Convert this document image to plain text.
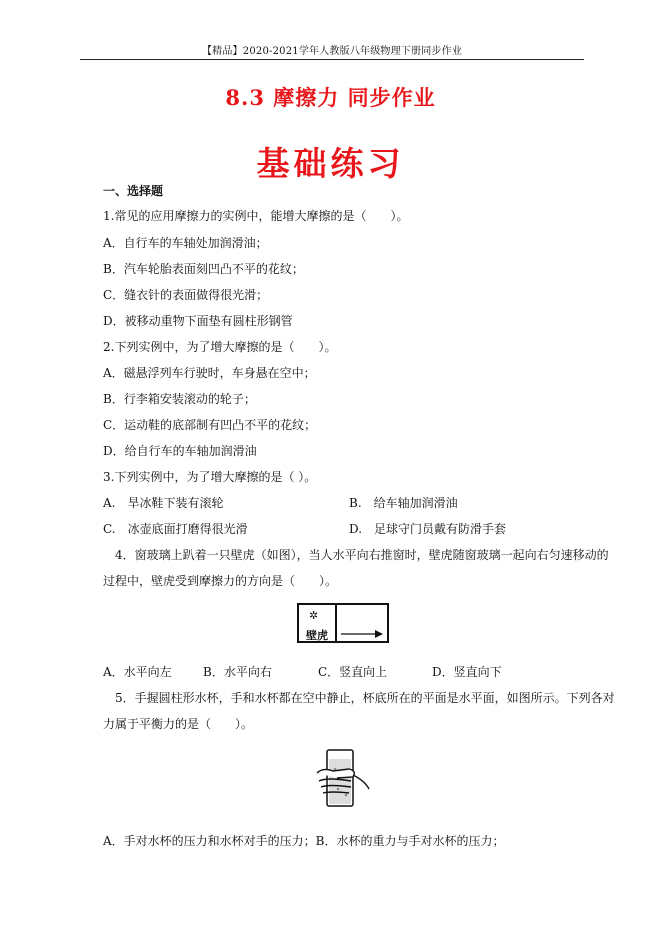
【精品】2020-2021学年人教版八年级物理下册同步作业
8.3 摩擦力 同步作业
基础练习
一、选择题
1.常见的应用摩擦力的实例中，能增大摩擦的是（　　）。
A．自行车的车轴处加润滑油；
B．汽车轮胎表面刻凹凸不平的花纹；
C．缝衣针的表面做得很光滑；
D．被移动重物下面垫有圆柱形钢管
2.下列实例中，为了增大摩擦的是（　　）。
A．磁悬浮列车行驶时，车身悬在空中；
B．行李箱安装滚动的轮子；
C．运动鞋的底部制有凹凸不平的花纹；
D．给自行车的车轴加润滑油
3.下列实例中，为了增大摩擦的是（ ）。
A.　旱冰鞋下装有滚轮	B.　给车轴加润滑油
C.　冰壶底面打磨得很光滑	D.　足球守门员戴有防滑手套
4．窗玻璃上趴着一只壁虎（如图），当人水平向右推窗时，壁虎随窗玻璃一起向右匀速移动的
过程中，壁虎受到摩擦力的方向是（　　）。
✲
壁虎
A．水平向左	B．水平向右	C．竖直向上	D．竖直向下
5．手握圆柱形水杯，手和水杯都在空中静止，杯底所在的平面是水平面，如图所示。下列各对
力属于平衡力的是（　　）。
A．手对水杯的压力和水杯对手的压力；B．水杯的重力与手对水杯的压力；
